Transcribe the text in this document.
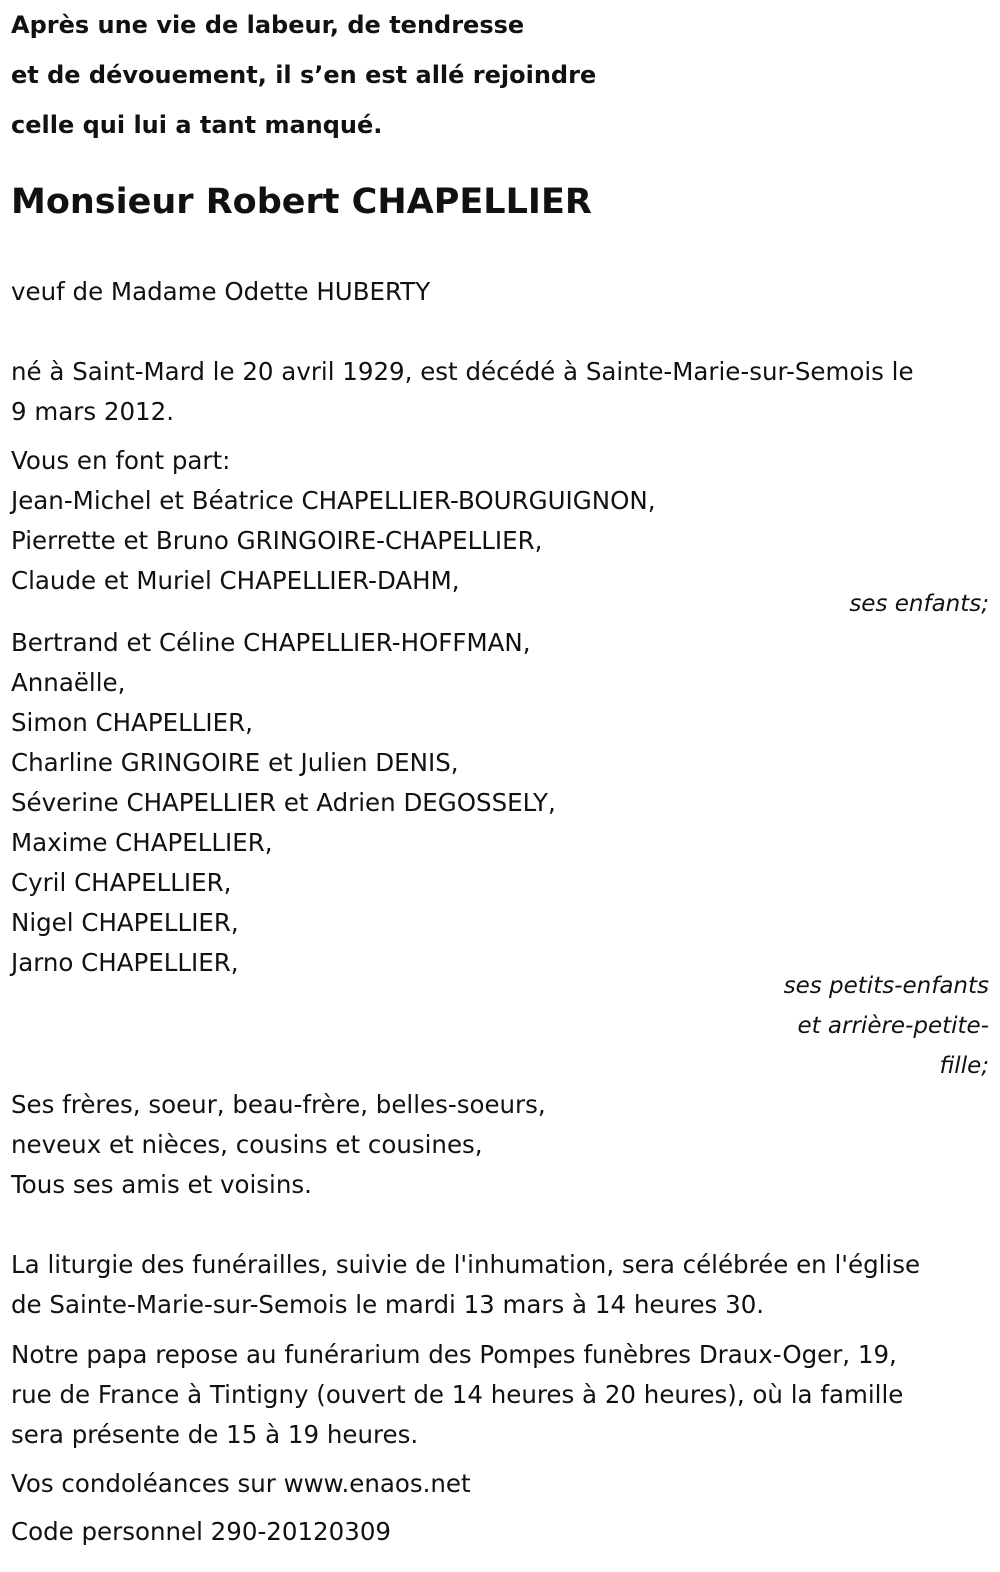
Après une vie de labeur, de tendresse
et de dévouement, il s’en est allé rejoindre
celle qui lui a tant manqué.
Monsieur Robert CHAPELLIER
veuf de Madame Odette HUBERTY
né à Saint-Mard le 20 avril 1929, est décédé à Sainte-Marie-sur-Semois le
9 mars 2012.
Vous en font part:
Jean-Michel et Béatrice CHAPELLIER-BOURGUIGNON,
Pierrette et Bruno GRINGOIRE-CHAPELLIER,
Claude et Muriel CHAPELLIER-DAHM,
ses enfants;
Bertrand et Céline CHAPELLIER-HOFFMAN,
Annaëlle,
Simon CHAPELLIER,
Charline GRINGOIRE et Julien DENIS,
Séverine CHAPELLIER et Adrien DEGOSSELY,
Maxime CHAPELLIER,
Cyril CHAPELLIER,
Nigel CHAPELLIER,
Jarno CHAPELLIER,
ses petits-enfants
et arrière-petite-
fille;
Ses frères, soeur, beau-frère, belles-soeurs,
neveux et nièces, cousins et cousines,
Tous ses amis et voisins.
La liturgie des funérailles, suivie de l'inhumation, sera célébrée en l'église
de Sainte-Marie-sur-Semois le mardi 13 mars à 14 heures 30.
Notre papa repose au funérarium des Pompes funèbres Draux-Oger, 19,
rue de France à Tintigny (ouvert de 14 heures à 20 heures), où la famille
sera présente de 15 à 19 heures.
Vos condoléances sur www.enaos.net
Code personnel 290-20120309
